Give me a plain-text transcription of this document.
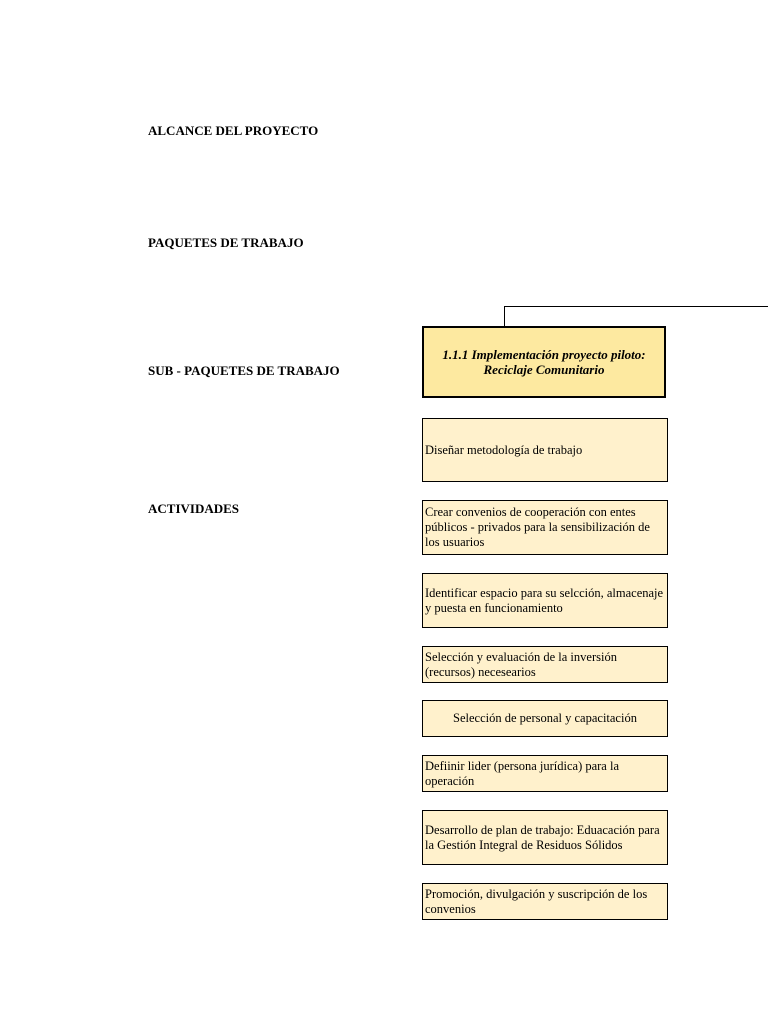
ALCANCE DEL PROYECTO
PAQUETES DE TRABAJO
SUB - PAQUETES DE TRABAJO
ACTIVIDADES
1.1.1 Implementación proyecto piloto:
Reciclaje Comunitario
Diseñar metodología de trabajo
Crear convenios de cooperación con entes públicos - privados para la sensibilización de los usuarios
Identificar espacio para su selcción, almacenaje y puesta en funcionamiento
Selección y evaluación de la inversión (recursos) necesearios
Selección de personal y capacitación
Defiinir lider (persona jurídica) para la operación
Desarrollo de plan de trabajo: Eduacación para la Gestión Integral de Residuos Sólidos
Promoción, divulgación y suscripción de los convenios
